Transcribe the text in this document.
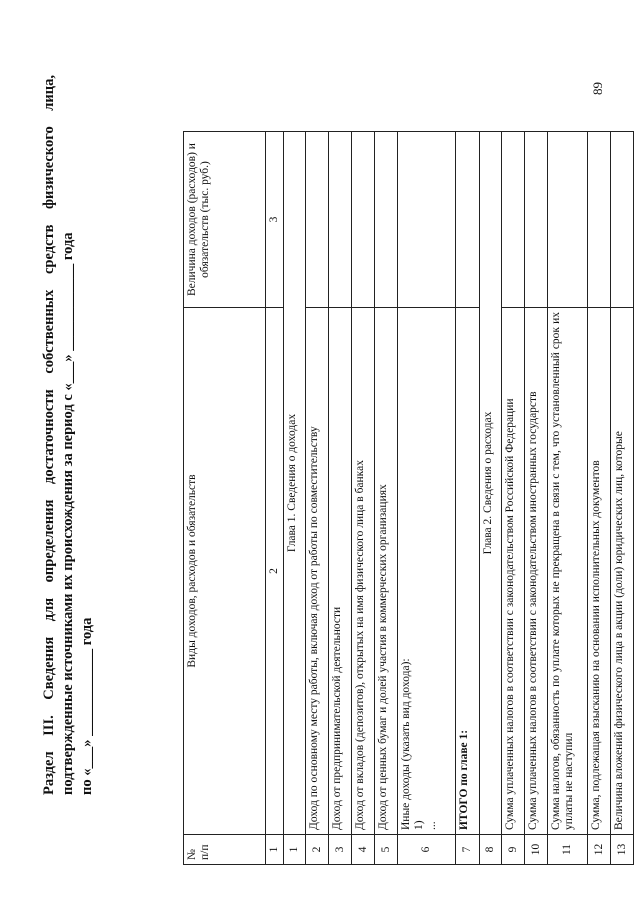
89
Раздел III. Сведения для определения достаточности собственных средств физического лица, подтвержденные источниками их происхождения за период с «___» ____________ года по «___» ____________ года
№ п/п	Виды доходов, расходов и обязательств	Величина доходов (расходов) и обязательств (тыс. руб.)
1	2	3
1	Глава 1. Сведения о доходах	
2	Доход по основному месту работы, включая доход от работы по совместительству	
3	Доход от предпринимательской деятельности	
4	Доход от вкладов (депозитов), открытых на имя физического лица в банках	
5	Доход от ценных бумаг и долей участия в коммерческих организациях	
6	Иные доходы (указать вид дохода): 1) ...	

7	ИТОГО по главе 1:	
8	Глава 2. Сведения о расходах	
9	Сумма уплаченных налогов в соответствии с законодательством Российской Федерации	
10	Сумма уплаченных налогов в соответствии с законодательством иностранных государств	
11	Сумма налогов, обязанность по уплате которых не прекращена в связи с тем, что установленный срок их уплаты не наступил	
12	Сумма, подлежащая взысканию на основании исполнительных документов	
13	Величина вложений физического лица в акции (доли) юридических лиц, которые	
